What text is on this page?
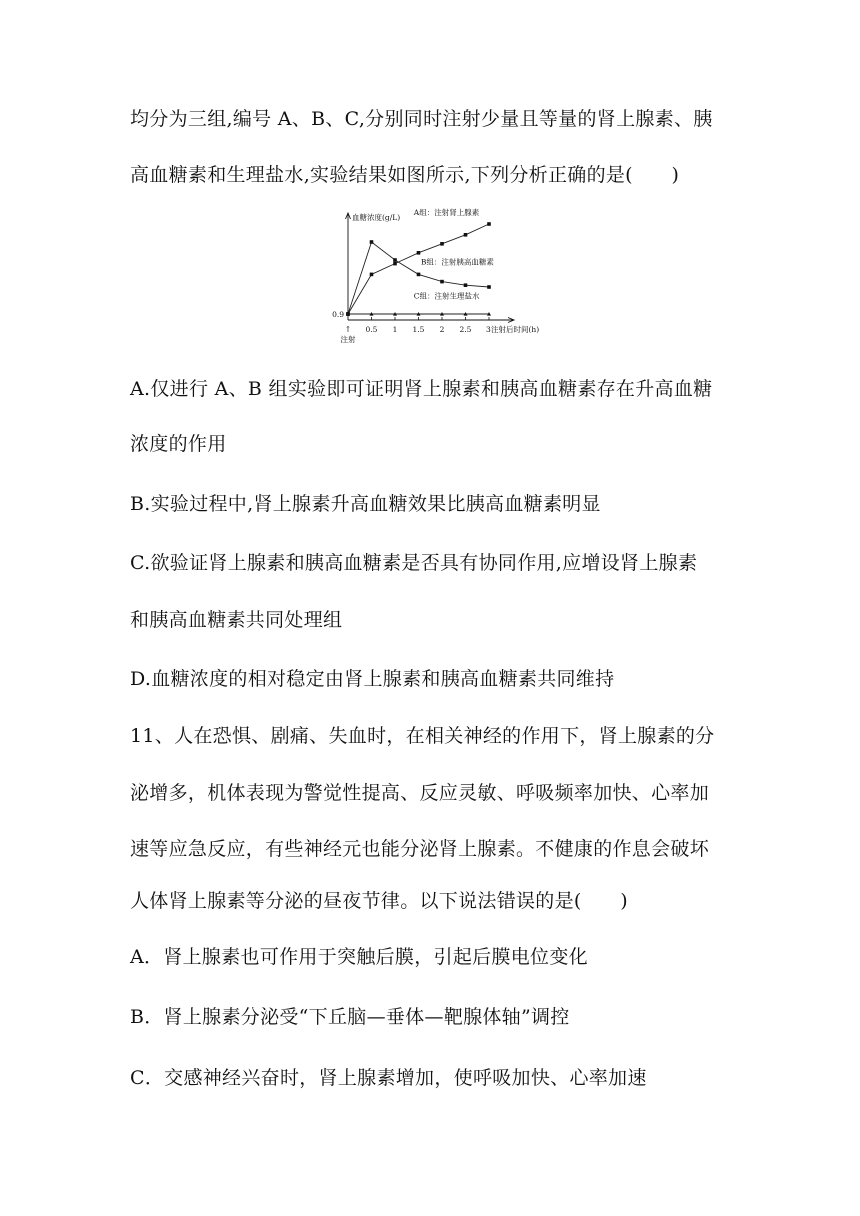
均分为三组,编号 A、B、C,分别同时注射少量且等量的肾上腺素、胰
高血糖素和生理盐水,实验结果如图所示,下列分析正确的是(　　)
血糖浓度(g/L)
0.9
0.5 1 1.5 2 2.5 3 注射后时间(h)
↑
注射
A组：注射肾上腺素
B组：注射胰高血糖素
C组：注射生理盐水
A.仅进行 A、B 组实验即可证明肾上腺素和胰高血糖素存在升高血糖
浓度的作用
B.实验过程中,肾上腺素升高血糖效果比胰高血糖素明显
C.欲验证肾上腺素和胰高血糖素是否具有协同作用,应增设肾上腺素
和胰高血糖素共同处理组
D.血糖浓度的相对稳定由肾上腺素和胰高血糖素共同维持
11、人在恐惧、剧痛、失血时，在相关神经的作用下，肾上腺素的分
泌增多，机体表现为警觉性提高、反应灵敏、呼吸频率加快、心率加
速等应急反应，有些神经元也能分泌肾上腺素。不健康的作息会破坏
人体肾上腺素等分泌的昼夜节律。以下说法错误的是(　　)
A．肾上腺素也可作用于突触后膜，引起后膜电位变化
B．肾上腺素分泌受“下丘脑—垂体—靶腺体轴”调控
C．交感神经兴奋时，肾上腺素增加，使呼吸加快、心率加速
